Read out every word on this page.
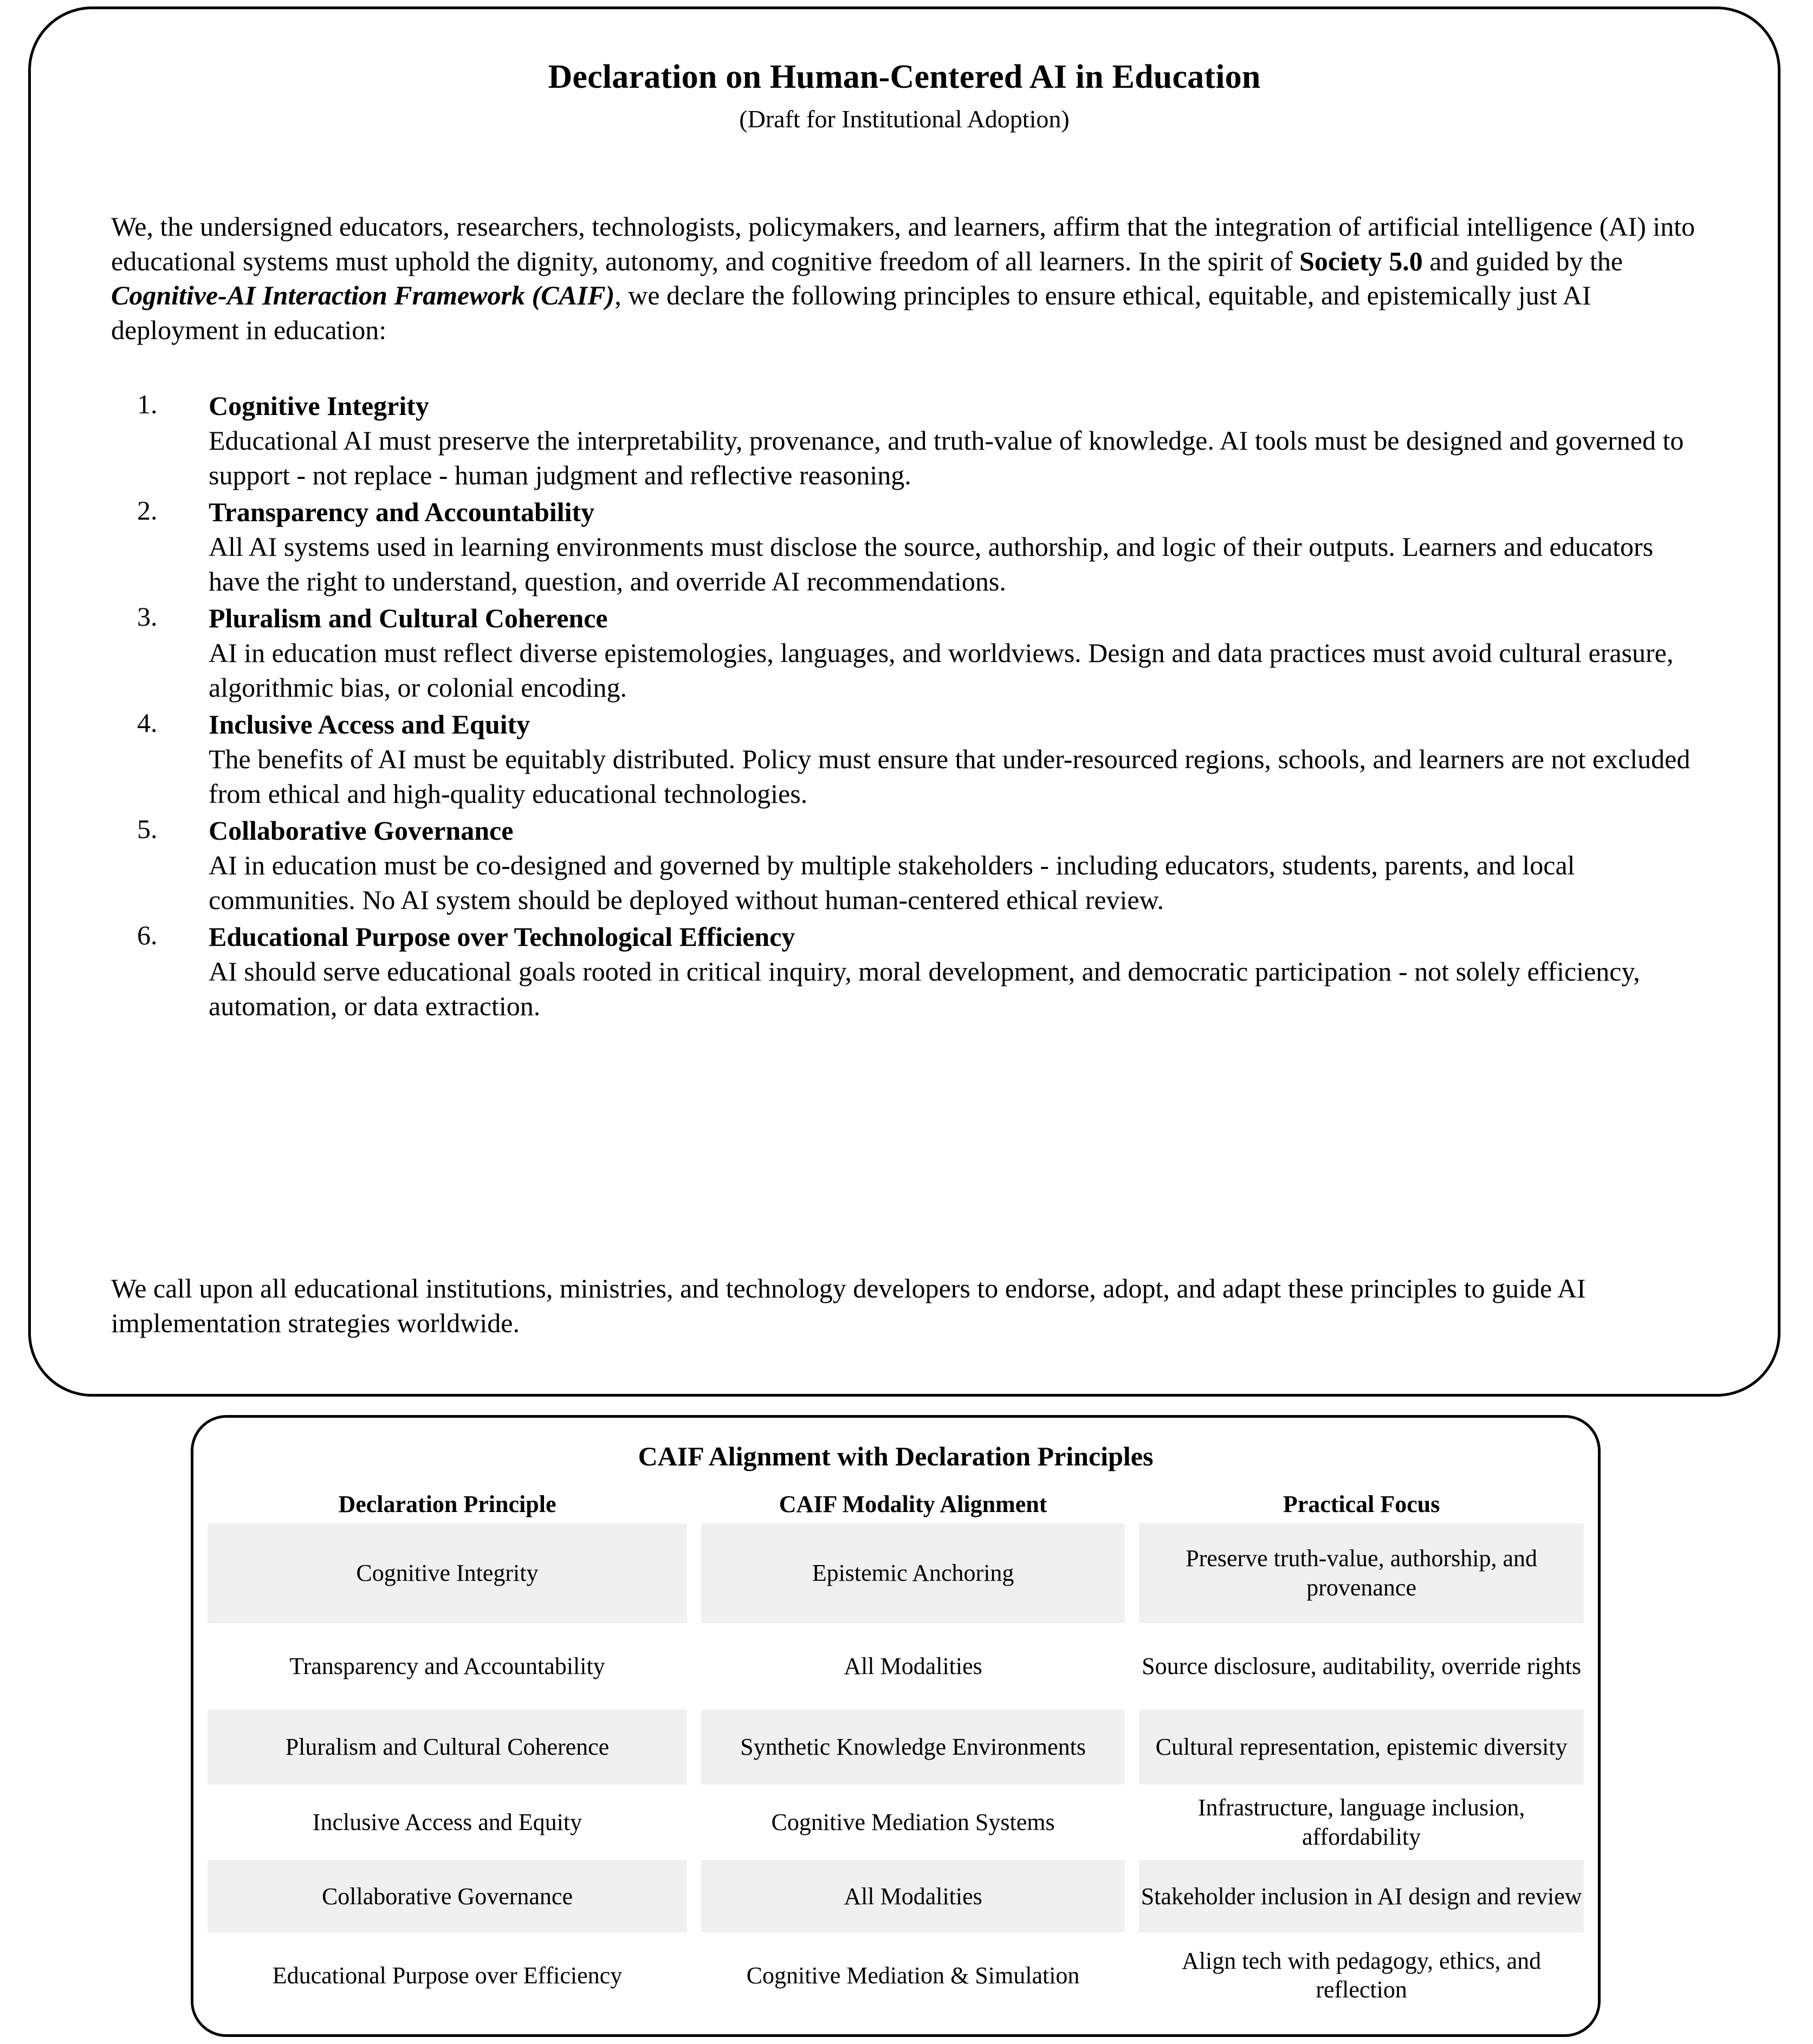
Declaration on Human-Centered AI in Education
(Draft for Institutional Adoption)

We, the undersigned educators, researchers, technologists, policymakers, and learners, affirm that the integration of artificial intelligence (AI) into educational systems must uphold the dignity, autonomy, and cognitive freedom of all learners. In the spirit of Society 5.0 and guided by the Cognitive-AI Interaction Framework (CAIF), we declare the following principles to ensure ethical, equitable, and epistemically just AI deployment in education:

1.	Cognitive Integrity
Educational AI must preserve the interpretability, provenance, and truth-value of knowledge. AI tools must be designed and governed to support - not replace - human judgment and reflective reasoning.
2.	Transparency and Accountability
All AI systems used in learning environments must disclose the source, authorship, and logic of their outputs. Learners and educators have the right to understand, question, and override AI recommendations.
3.	Pluralism and Cultural Coherence
AI in education must reflect diverse epistemologies, languages, and worldviews. Design and data practices must avoid cultural erasure, algorithmic bias, or colonial encoding.
4.	Inclusive Access and Equity
The benefits of AI must be equitably distributed. Policy must ensure that under-resourced regions, schools, and learners are not excluded from ethical and high-quality educational technologies.
5.	Collaborative Governance
AI in education must be co-designed and governed by multiple stakeholders - including educators, students, parents, and local communities. No AI system should be deployed without human-centered ethical review.
6.	Educational Purpose over Technological Efficiency
AI should serve educational goals rooted in critical inquiry, moral development, and democratic participation - not solely efficiency, automation, or data extraction.

We call upon all educational institutions, ministries, and technology developers to endorse, adopt, and adapt these principles to guide AI implementation strategies worldwide.

CAIF Alignment with Declaration Principles
Declaration Principle	CAIF Modality Alignment	Practical Focus

Cognitive Integrity	Epistemic Anchoring	Preserve truth-value, authorship, and provenance

Transparency and Accountability	All Modalities	Source disclosure, auditability, override rights

Pluralism and Cultural Coherence	Synthetic Knowledge Environments	Cultural representation, epistemic diversity

Inclusive Access and Equity	Cognitive Mediation Systems	Infrastructure, language inclusion, affordability

Collaborative Governance	All Modalities	Stakeholder inclusion in AI design and review

Educational Purpose over Efficiency	Cognitive Mediation & Simulation	Align tech with pedagogy, ethics, and reflection
